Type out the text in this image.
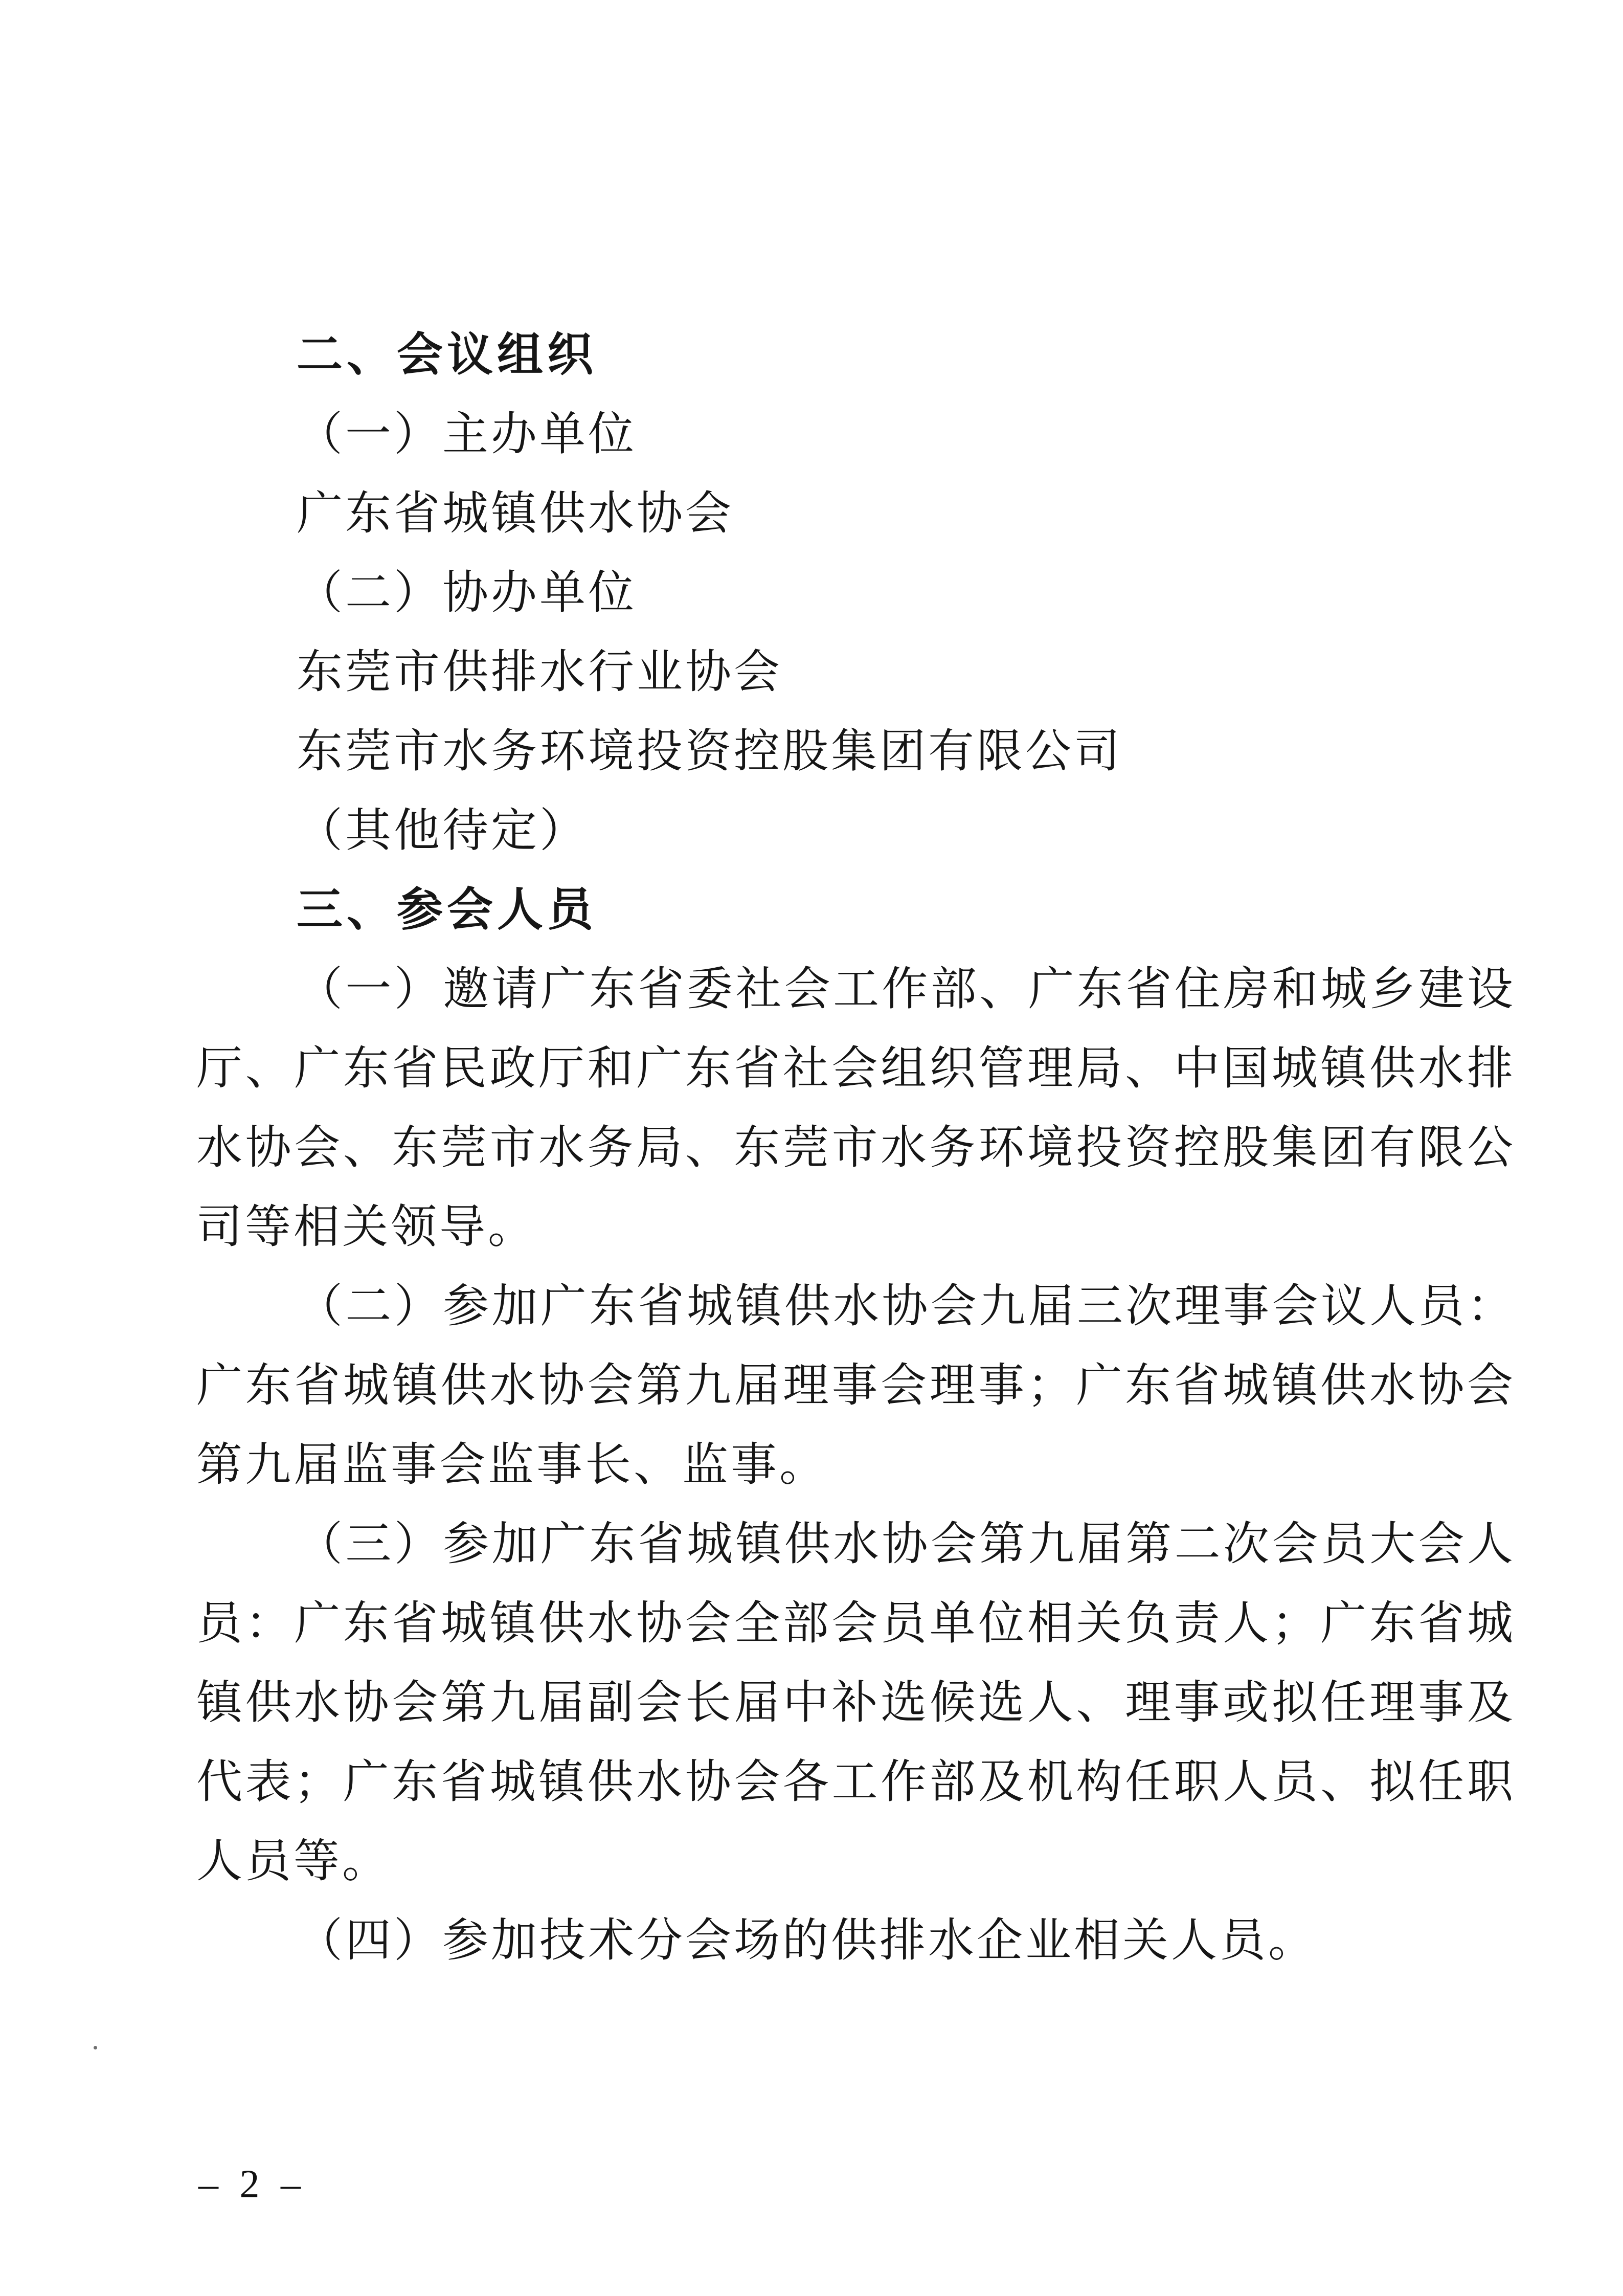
二、会议组织
（一）主办单位
广东省城镇供水协会
（二）协办单位
东莞市供排水行业协会
东莞市水务环境投资控股集团有限公司
（其他待定）
三、参会人员
（一）邀请广东省委社会工作部、广东省住房和城乡建设
厅、广东省民政厅和广东省社会组织管理局、中国城镇供水排
水协会、东莞市水务局、东莞市水务环境投资控股集团有限公
司等相关领导。
（二）参加广东省城镇供水协会九届三次理事会议人员：
广东省城镇供水协会第九届理事会理事；广东省城镇供水协会
第九届监事会监事长、监事。
（三）参加广东省城镇供水协会第九届第二次会员大会人
员：广东省城镇供水协会全部会员单位相关负责人；广东省城
镇供水协会第九届副会长届中补选候选人、理事或拟任理事及
代表；广东省城镇供水协会各工作部及机构任职人员、拟任职
人员等。
（四）参加技术分会场的供排水企业相关人员。
– 2 –
